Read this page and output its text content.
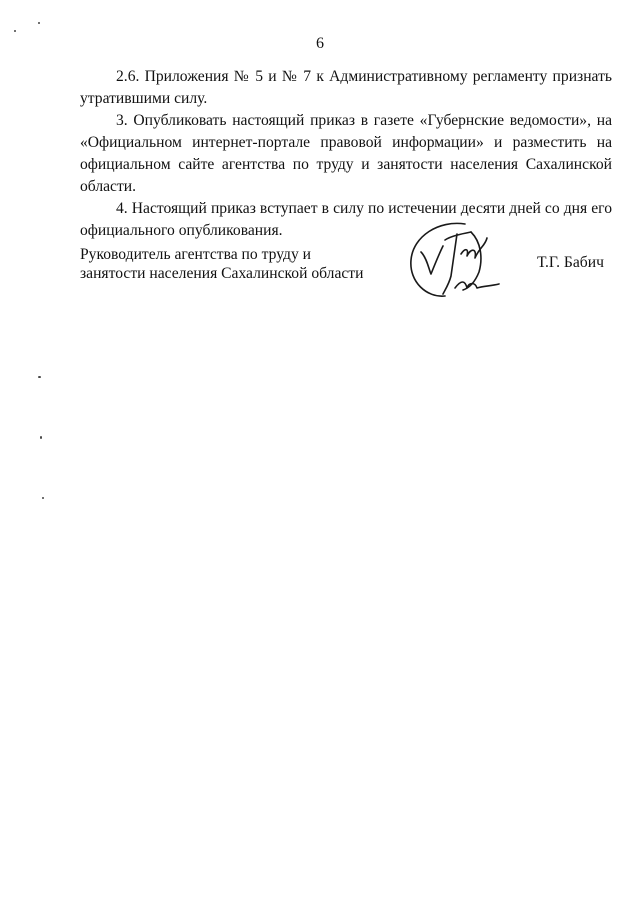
6

2.6. Приложения № 5 и № 7 к Административному регламенту признать утратившими силу.

3. Опубликовать настоящий приказ в газете «Губернские ведомости», на «Официальном интернет-портале правовой информации» и разместить на официальном сайте агентства по труду и занятости населения Сахалинской области.

4. Настоящий приказ вступает в силу по истечении десяти дней со дня его официального опубликования.

Руководитель агентства по труду и
занятости населения Сахалинской области
Т.Г. Бабич
